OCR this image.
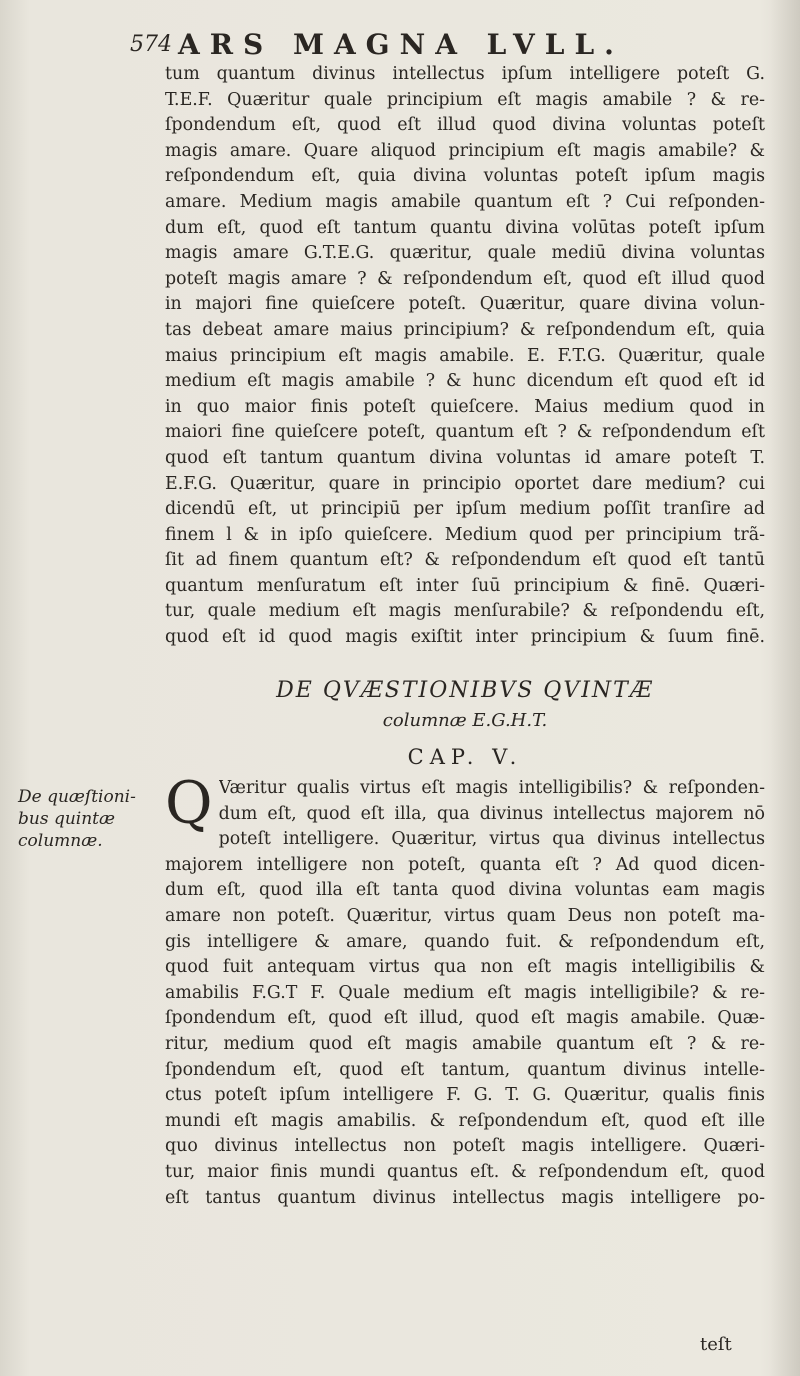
574 ARS MAGNA LVLL.
tum quantum divinus intellectus ipſum intelligere poteſt G.
T.E.F. Quæritur quale principium eſt magis amabile ? & re-
ſpondendum eſt, quod eſt illud quod divina voluntas poteſt
magis amare. Quare aliquod principium eſt magis amabile? &
reſpondendum eſt, quia divina voluntas poteſt ipſum magis
amare. Medium magis amabile quantum eſt ? Cui reſponden-
dum eſt, quod eſt tantum quantu divina volūtas poteſt ipſum
magis amare G.T.E.G. quæritur, quale mediū divina voluntas
poteſt magis amare ? & reſpondendum eſt, quod eſt illud quod
in majori fine quieſcere poteſt. Quæritur, quare divina volun-
tas debeat amare maius principium? & reſpondendum eſt, quia
maius principium eſt magis amabile. E. F.T.G. Quæritur, quale
medium eſt magis amabile ? & hunc dicendum eſt quod eſt id
in quo maior finis poteſt quieſcere. Maius medium quod in
maiori fine quieſcere poteſt, quantum eſt ? & reſpondendum eſt
quod eſt tantum quantum divina voluntas id amare poteſt T.
E.F.G. Quæritur, quare in principio oportet dare medium? cui
dicendū eſt, ut principiū per ipſum medium poſſit tranſire ad
finem l & in ipſo quieſcere. Medium quod per principium trã-
ſit ad finem quantum eſt? & reſpondendum eſt quod eſt tantū
quantum menſuratum eſt inter ſuū principium & finē. Quæri-
tur, quale medium eſt magis menſurabile? & reſpondendu eſt,
quod eſt id quod magis exiſtit inter principium & ſuum finē.
DE QVÆSTIONIBVS QVINTÆ
columnæ E.G.H.T.
CAP. V.
De quæſtioni-
bus quintæ
columnæ.
Q Væritur qualis virtus eſt magis intelligibilis? & reſponden-
dum eſt, quod eſt illa, qua divinus intellectus majorem nō
poteſt intelligere. Quæritur, virtus qua divinus intellectus
majorem intelligere non poteſt, quanta eſt ? Ad quod dicen-
dum eſt, quod illa eſt tanta quod divina voluntas eam magis
amare non poteſt. Quæritur, virtus quam Deus non poteſt ma-
gis intelligere & amare, quando fuit. & reſpondendum eſt,
quod fuit antequam virtus qua non eſt magis intelligibilis &
amabilis F.G.T F. Quale medium eſt magis intelligibile? & re-
ſpondendum eſt, quod eſt illud, quod eſt magis amabile. Quæ-
ritur, medium quod eſt magis amabile quantum eſt ? & re-
ſpondendum eſt, quod eſt tantum, quantum divinus intelle-
ctus poteſt ipſum intelligere F. G. T. G. Quæritur, qualis finis
mundi eſt magis amabilis. & reſpondendum eſt, quod eſt ille
quo divinus intellectus non poteſt magis intelligere. Quæri-
tur, maior finis mundi quantus eſt. & reſpondendum eſt, quod
eſt tantus quantum divinus intellectus magis intelligere po-
teſt
